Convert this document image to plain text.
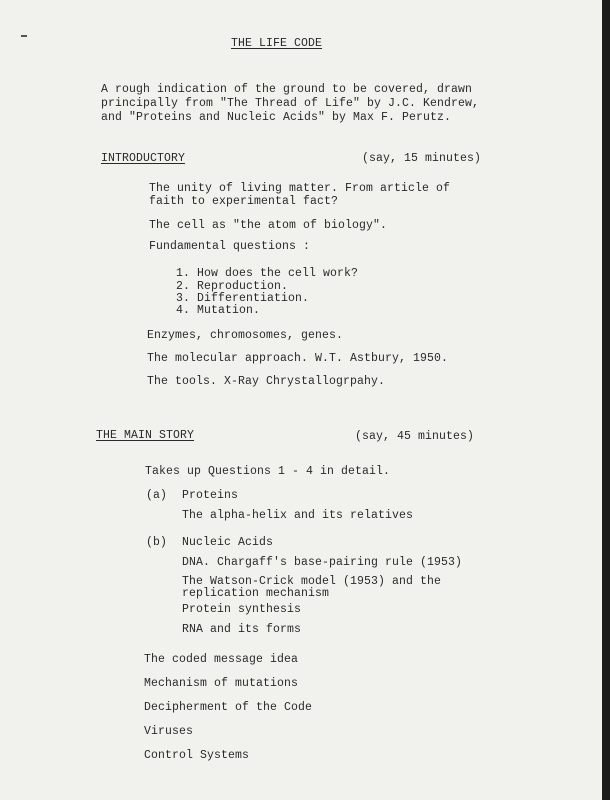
THE LIFE CODE
A rough indication of the ground to be covered, drawn
principally from "The Thread of Life" by J.C. Kendrew,
and "Proteins and Nucleic Acids" by Max F. Perutz.
INTRODUCTORY	(say, 15 minutes)
The unity of living matter. From article of
faith to experimental fact?
The cell as "the atom of biology".
Fundamental questions :
1. How does the cell work?
2. Reproduction.
3. Differentiation.
4. Mutation.
Enzymes, chromosomes, genes.
The molecular approach. W.T. Astbury, 1950.
The tools. X-Ray Chrystallogrpahy.
THE MAIN STORY	(say, 45 minutes)
Takes up Questions 1 - 4 in detail.
(a) Proteins
The alpha-helix and its relatives
(b) Nucleic Acids
DNA. Chargaff's base-pairing rule (1953)
The Watson-Crick model (1953) and the
replication mechanism
Protein synthesis
RNA and its forms
The coded message idea
Mechanism of mutations
Decipherment of the Code
Viruses
Control Systems
